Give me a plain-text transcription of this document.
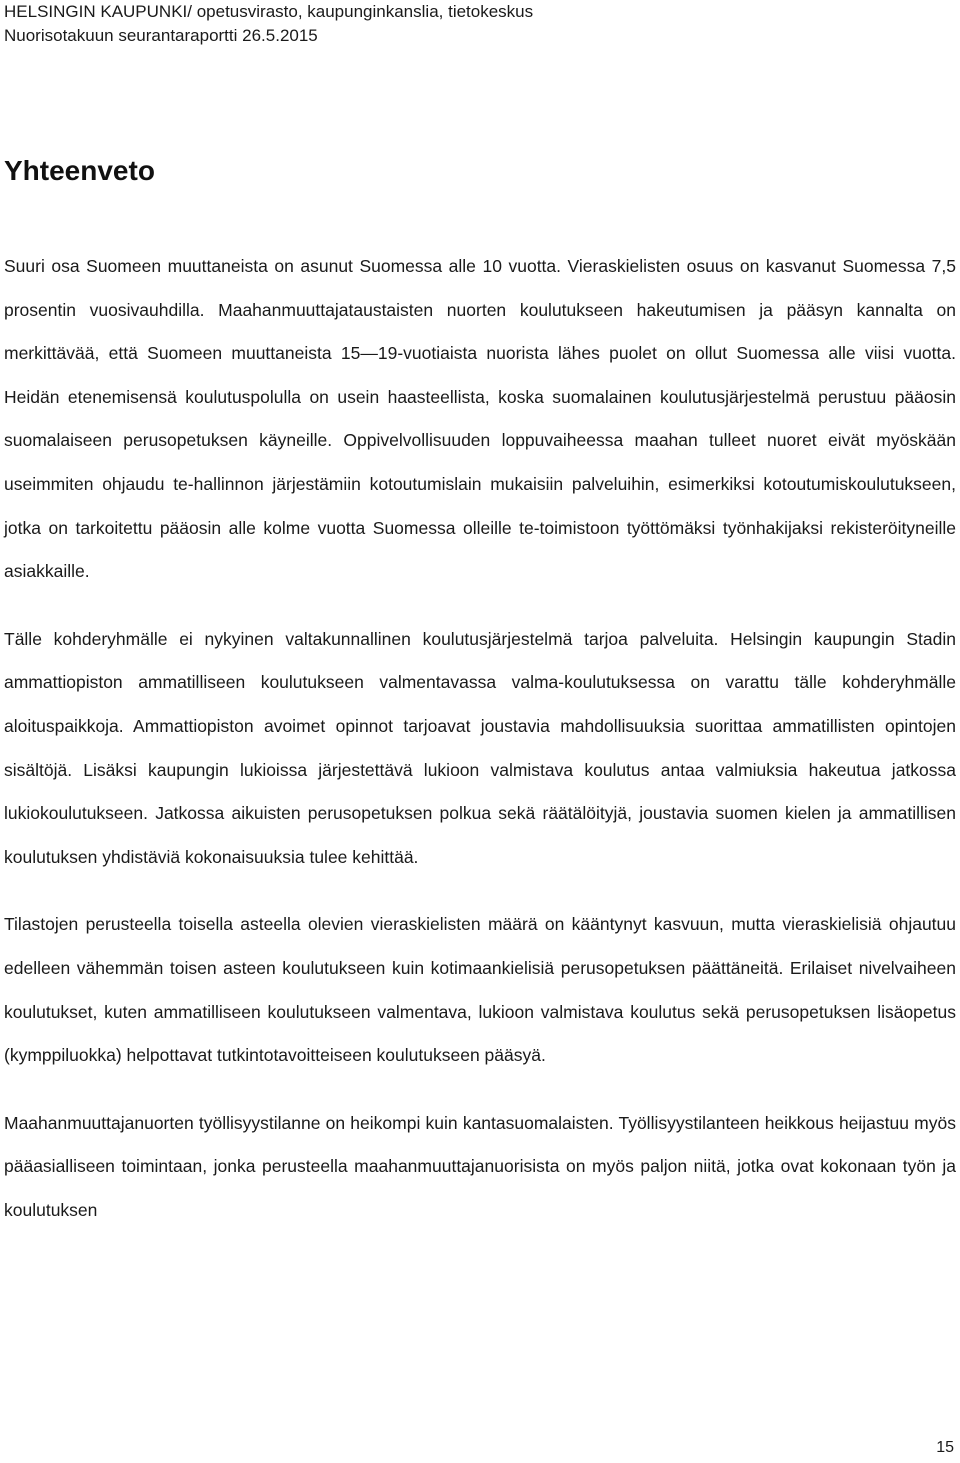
HELSINGIN KAUPUNKI/ opetusvirasto, kaupunginkanslia, tietokeskus
Nuorisotakuun seurantaraportti 26.5.2015
Yhteenveto

Suuri osa Suomeen muuttaneista on asunut Suomessa alle 10 vuotta. Vieraskielisten osuus on kasvanut Suomessa 7,5 prosentin vuosivauhdilla. Maahanmuuttajataustaisten nuorten koulutukseen hakeutumisen ja pääsyn kannalta on merkittävää, että Suomeen muuttaneista 15—19-vuotiaista nuorista lähes puolet on ollut Suomessa alle viisi vuotta. Heidän etenemisensä koulutuspolulla on usein haasteellista, koska suomalainen koulutusjärjestelmä perustuu pääosin suomalaiseen perusopetuksen käyneille. Oppivelvollisuuden loppuvaiheessa maahan tulleet nuoret eivät myöskään useimmiten ohjaudu te-hallinnon järjestämiin kotoutumislain mukaisiin palveluihin, esimerkiksi kotoutumiskoulutukseen, jotka on tarkoitettu pääosin alle kolme vuotta Suomessa olleille te-toimistoon työttömäksi työnhakijaksi rekisteröityneille asiakkaille.

Tälle kohderyhmälle ei nykyinen valtakunnallinen koulutusjärjestelmä tarjoa palveluita. Helsingin kaupungin Stadin ammattiopiston ammatilliseen koulutukseen valmentavassa valma-koulutuksessa on varattu tälle kohderyhmälle aloituspaikkoja. Ammattiopiston avoimet opinnot tarjoavat joustavia mahdollisuuksia suorittaa ammatillisten opintojen sisältöjä. Lisäksi kaupungin lukioissa järjestettävä lukioon valmistava koulutus antaa valmiuksia hakeutua jatkossa lukiokoulutukseen. Jatkossa aikuisten perusopetuksen polkua sekä räätälöityjä, joustavia suomen kielen ja ammatillisen koulutuksen yhdistäviä kokonaisuuksia tulee kehittää.

Tilastojen perusteella toisella asteella olevien vieraskielisten määrä on kääntynyt kasvuun, mutta vieraskielisiä ohjautuu edelleen vähemmän toisen asteen koulutukseen kuin kotimaankielisiä perusopetuksen päättäneitä. Erilaiset nivelvaiheen koulutukset, kuten ammatilliseen koulutukseen valmentava, lukioon valmistava koulutus sekä perusopetuksen lisäopetus (kymppiluokka) helpottavat tutkintotavoitteiseen koulutukseen pääsyä.

Maahanmuuttajanuorten työllisyystilanne on heikompi kuin kantasuomalaisten. Työllisyystilanteen heikkous heijastuu myös pääasialliseen toimintaan, jonka perusteella maahanmuuttajanuorisista on myös paljon niitä, jotka ovat kokonaan työn ja koulutuksen

15
